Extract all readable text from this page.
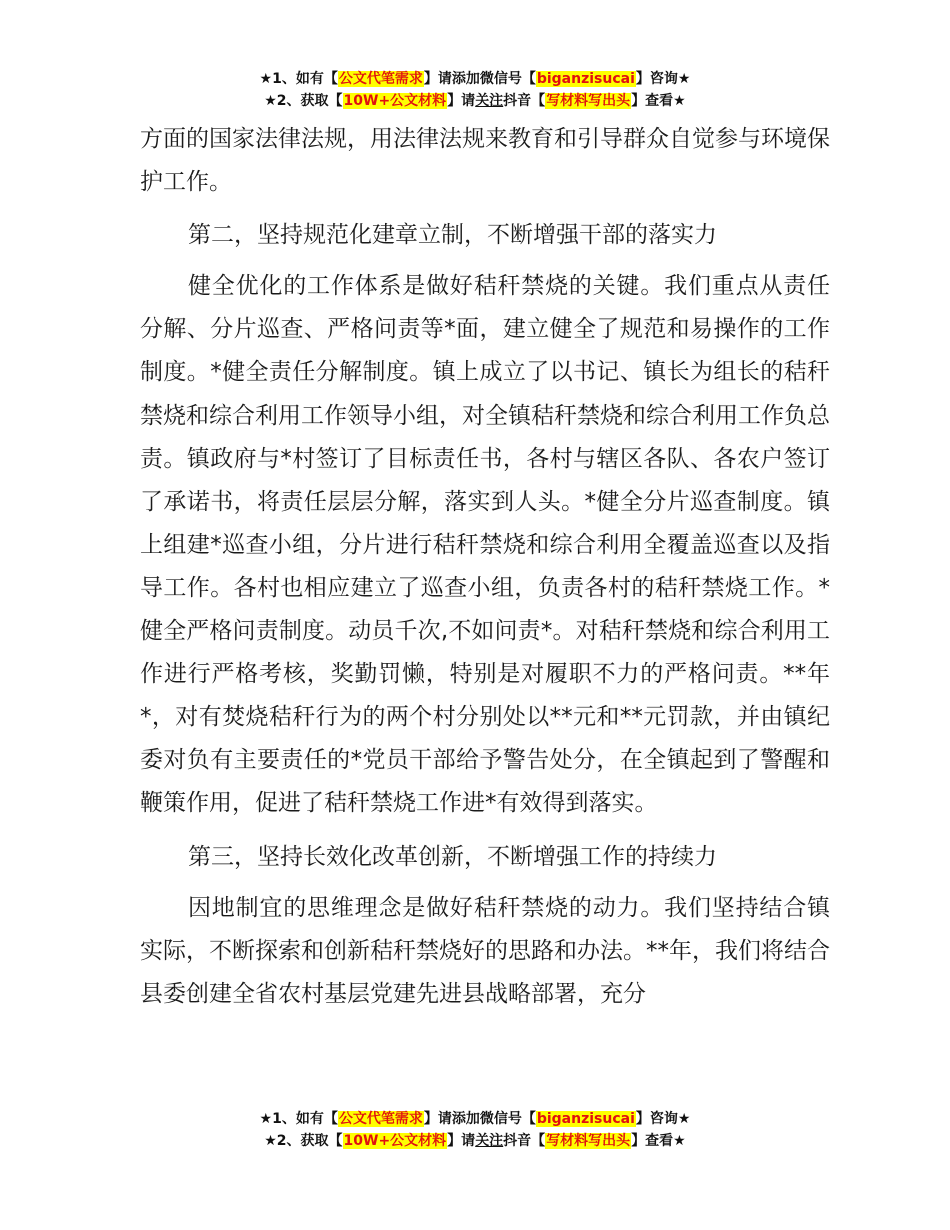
★1、如有【公文代笔需求】请添加微信号【biganzisucai】咨询★
★2、获取【10W+公文材料】请关注抖音【写材料写出头】查看★

方面的国家法律法规，用法律法规来教育和引导群众自觉参与环境保护工作。

第二，坚持规范化建章立制，不断增强干部的落实力

健全优化的工作体系是做好秸秆禁烧的关键。我们重点从责任分解、分片巡查、严格问责等*面，建立健全了规范和易操作的工作制度。*健全责任分解制度。镇上成立了以书记、镇长为组长的秸秆禁烧和综合利用工作领导小组，对全镇秸秆禁烧和综合利用工作负总责。镇政府与*村签订了目标责任书，各村与辖区各队、各农户签订了承诺书，将责任层层分解，落实到人头。*健全分片巡查制度。镇上组建*巡查小组，分片进行秸秆禁烧和综合利用全覆盖巡查以及指导工作。各村也相应建立了巡查小组，负责各村的秸秆禁烧工作。*健全严格问责制度。动员千次,不如问责*。对秸秆禁烧和综合利用工作进行严格考核，奖勤罚懒，特别是对履职不力的严格问责。**年*，对有焚烧秸秆行为的两个村分别处以**元和**元罚款，并由镇纪委对负有主要责任的*党员干部给予警告处分，在全镇起到了警醒和鞭策作用，促进了秸秆禁烧工作进*有效得到落实。

第三，坚持长效化改革创新，不断增强工作的持续力

因地制宜的思维理念是做好秸秆禁烧的动力。我们坚持结合镇实际，不断探索和创新秸秆禁烧好的思路和办法。**年，我们将结合县委创建全省农村基层党建先进县战略部署，充分

★1、如有【公文代笔需求】请添加微信号【biganzisucai】咨询★
★2、获取【10W+公文材料】请关注抖音【写材料写出头】查看★
